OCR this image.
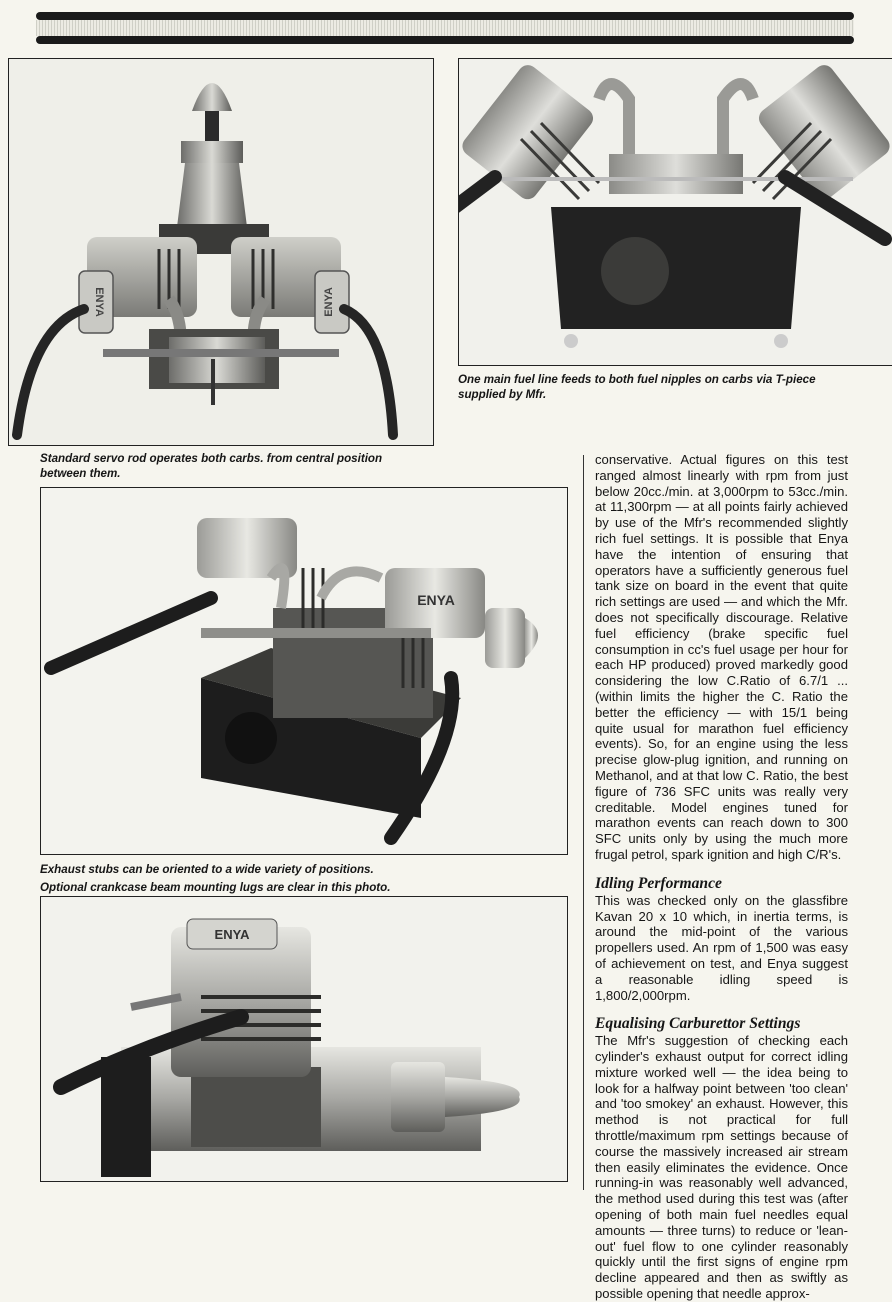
ENYA	ENYA
One main fuel line feeds to both fuel nipples on carbs via T-piece
supplied by Mfr.
Standard servo rod operates both carbs. from central position
between them.
ENYA
Exhaust stubs can be oriented to a wide variety of positions.
Optional crankcase beam mounting lugs are clear in this photo.
ENYA

conservative. Actual figures on this test ranged almost linearly with rpm from just below 20cc./min. at 3,000rpm to 53cc./min. at 11,300rpm — at all points fairly achieved by use of the Mfr's recommended slightly rich fuel settings. It is possible that Enya have the intention of ensuring that operators have a sufficiently generous fuel tank size on board in the event that quite rich settings are used — and which the Mfr. does not specifically discourage. Relative fuel efficiency (brake specific fuel consumption in cc's fuel usage per hour for each HP produced) proved markedly good considering the low C.Ratio of 6.7/1 ... (within limits the higher the C. Ratio the better the efficiency — with 15/1 being quite usual for marathon fuel efficiency events). So, for an engine using the less precise glow-plug ignition, and running on Methanol, and at that low C. Ratio, the best figure of 736 SFC units was really very creditable. Model engines tuned for marathon events can reach down to 300 SFC units only by using the much more frugal petrol, spark ignition and high C/R's.

Idling Performance

This was checked only on the glassfibre Kavan 20 x 10 which, in inertia terms, is around the mid-point of the various propellers used. An rpm of 1,500 was easy of achievement on test, and Enya suggest a reasonable idling speed is 1,800/2,000rpm.

Equalising Carburettor Settings

The Mfr's suggestion of checking each cylinder's exhaust output for correct idling mixture worked well — the idea being to look for a halfway point between 'too clean' and 'too smokey' an exhaust. However, this method is not practical for full throttle/maximum rpm settings because of course the massively increased air stream then easily eliminates the evidence. Once running-in was reasonably well advanced, the method used during this test was (after opening of both main fuel needles equal amounts — three turns) to reduce or 'lean-out' fuel flow to one cylinder reasonably quickly until the first signs of engine rpm decline appeared and then as swiftly as possible opening that needle approx-
